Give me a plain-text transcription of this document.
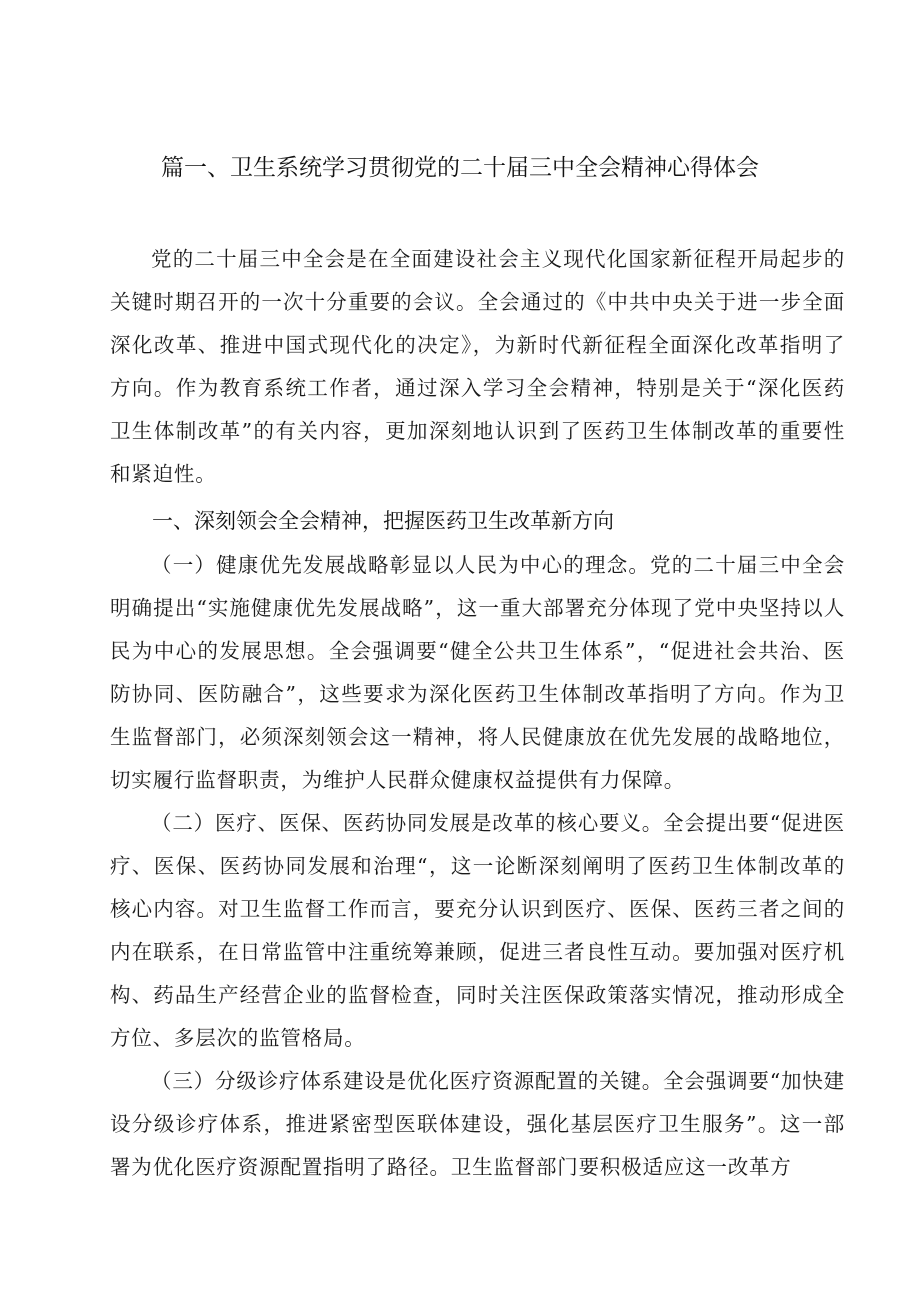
篇一、卫生系统学习贯彻党的二十届三中全会精神心得体会

党的二十届三中全会是在全面建设社会主义现代化国家新征程开局起步的关键时期召开的一次十分重要的会议。全会通过的《中共中央关于进一步全面深化改革、推进中国式现代化的决定》，为新时代新征程全面深化改革指明了方向。作为教育系统工作者，通过深入学习全会精神，特别是关于“深化医药卫生体制改革”的有关内容，更加深刻地认识到了医药卫生体制改革的重要性和紧迫性。

一、深刻领会全会精神，把握医药卫生改革新方向

（一）健康优先发展战略彰显以人民为中心的理念。党的二十届三中全会明确提出“实施健康优先发展战略”，这一重大部署充分体现了党中央坚持以人民为中心的发展思想。全会强调要“健全公共卫生体系”，“促进社会共治、医防协同、医防融合”，这些要求为深化医药卫生体制改革指明了方向。作为卫生监督部门，必须深刻领会这一精神，将人民健康放在优先发展的战略地位，切实履行监督职责，为维护人民群众健康权益提供有力保障。

（二）医疗、医保、医药协同发展是改革的核心要义。全会提出要“促进医疗、医保、医药协同发展和治理“，这一论断深刻阐明了医药卫生体制改革的核心内容。对卫生监督工作而言，要充分认识到医疗、医保、医药三者之间的内在联系，在日常监管中注重统筹兼顾，促进三者良性互动。要加强对医疗机构、药品生产经营企业的监督检查，同时关注医保政策落实情况，推动形成全方位、多层次的监管格局。

（三）分级诊疗体系建设是优化医疗资源配置的关键。全会强调要“加快建设分级诊疗体系，推进紧密型医联体建设，强化基层医疗卫生服务”。这一部署为优化医疗资源配置指明了路径。卫生监督部门要积极适应这一改革方
